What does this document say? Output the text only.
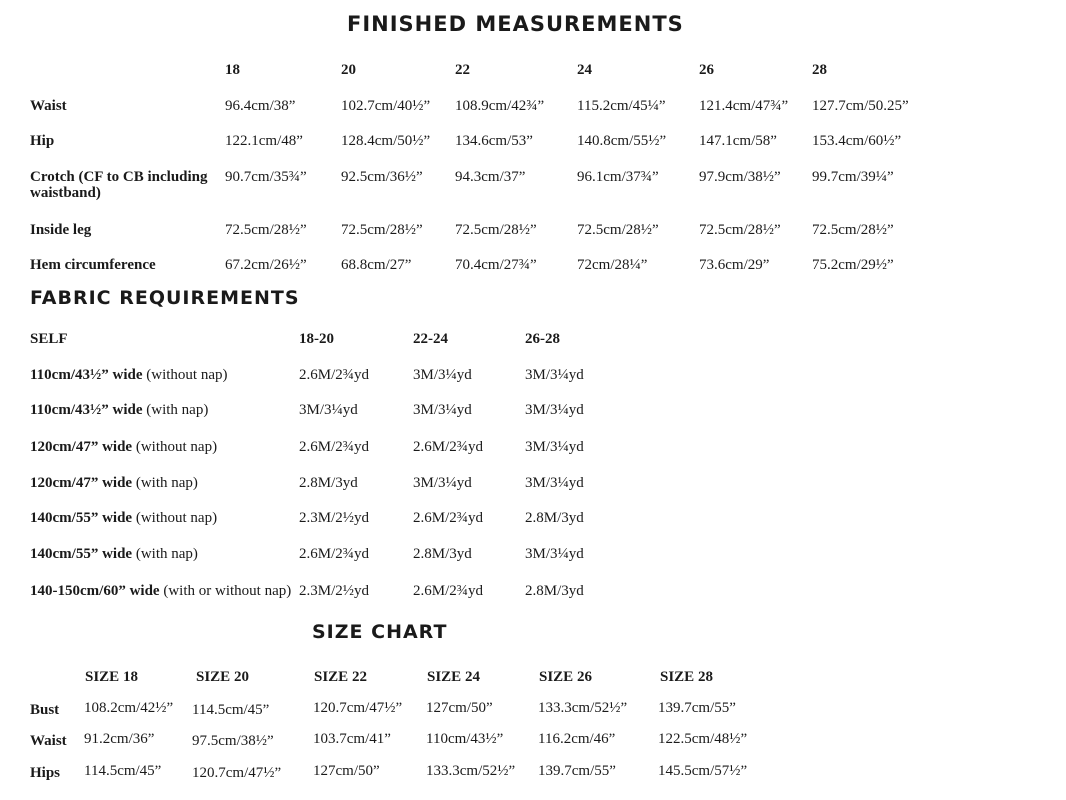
FINISHED MEASUREMENTS
18	20	22	24	26	28
Waist	96.4cm/38”	102.7cm/40½” 108.9cm/42¾” 115.2cm/45¼” 121.4cm/47¾” 127.7cm/50.25”
Hip	122.1cm/48”	128.4cm/50½” 134.6cm/53”	140.8cm/55½” 147.1cm/58” 153.4cm/60½”
Crotch (CF to CB including waistband)
90.7cm/35¾” 92.5cm/36½” 94.3cm/37”	96.1cm/37¾”	97.9cm/38½” 99.7cm/39¼”
Inside leg	72.5cm/28½” 72.5cm/28½” 72.5cm/28½”	72.5cm/28½”	72.5cm/28½” 72.5cm/28½”
Hem circumference	67.2cm/26½” 68.8cm/27”	70.4cm/27¾”	72cm/28¼”	73.6cm/29”	75.2cm/29½”
FABRIC REQUIREMENTS
SELF	18-20	22-24	26-28
110cm/43½” wide (without nap)	2.6M/2¾yd	3M/3¼yd	3M/3¼yd
110cm/43½” wide (with nap)	3M/3¼yd	3M/3¼yd	3M/3¼yd
120cm/47” wide (without nap)	2.6M/2¾yd	2.6M/2¾yd	3M/3¼yd
120cm/47” wide (with nap)	2.8M/3yd	3M/3¼yd	3M/3¼yd
140cm/55” wide (without nap)	2.3M/2½yd	2.6M/2¾yd	2.8M/3yd
140cm/55” wide (with nap)	2.6M/2¾yd	2.8M/3yd	3M/3¼yd
140-150cm/60” wide (with or without nap) 2.3M/2½yd	2.6M/2¾yd	2.8M/3yd
SIZE CHART
SIZE 18	SIZE 20	SIZE 22	SIZE 24	SIZE 26	SIZE 28
Bust 108.2cm/42½” 114.5cm/45”	120.7cm/47½” 127cm/50”	133.3cm/52½” 139.7cm/55”
Waist 91.2cm/36”	97.5cm/38½”	103.7cm/41” 110cm/43½” 116.2cm/46”	122.5cm/48½”
Hips 114.5cm/45” 120.7cm/47½” 127cm/50”	133.3cm/52½” 139.7cm/55”	145.5cm/57½”
